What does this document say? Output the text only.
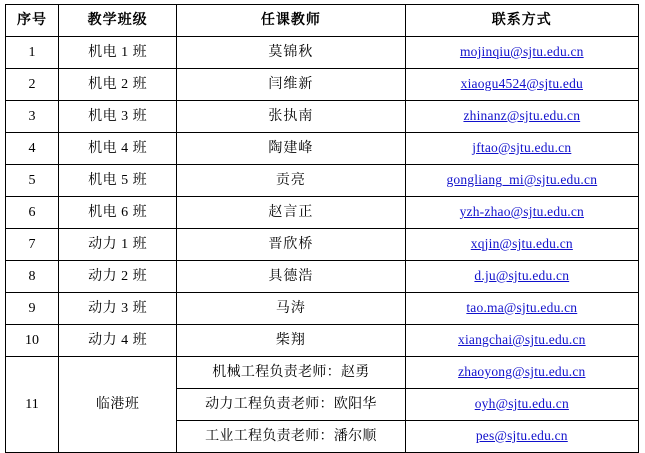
序号	教学班级	任课教师	联系方式
1	机电 1 班	莫锦秋	mojinqiu@sjtu.edu.cn
2	机电 2 班	闫维新	xiaogu4524@sjtu.edu
3	机电 3 班	张执南	zhinanz@sjtu.edu.cn
4	机电 4 班	陶建峰	jftao@sjtu.edu.cn
5	机电 5 班	贡亮	gongliang_mi@sjtu.edu.cn
6	机电 6 班	赵言正	yzh-zhao@sjtu.edu.cn
7	动力 1 班	晋欣桥	xqjin@sjtu.edu.cn
8	动力 2 班	具德浩	d.ju@sjtu.edu.cn
9	动力 3 班	马涛	tao.ma@sjtu.edu.cn
10	动力 4 班	柴翔	xiangchai@sjtu.edu.cn
11	临港班	机械工程负责老师：赵勇	zhaoyong@sjtu.edu.cn
		动力工程负责老师：欧阳华	oyh@sjtu.edu.cn
		工业工程负责老师：潘尔顺	pes@sjtu.edu.cn
